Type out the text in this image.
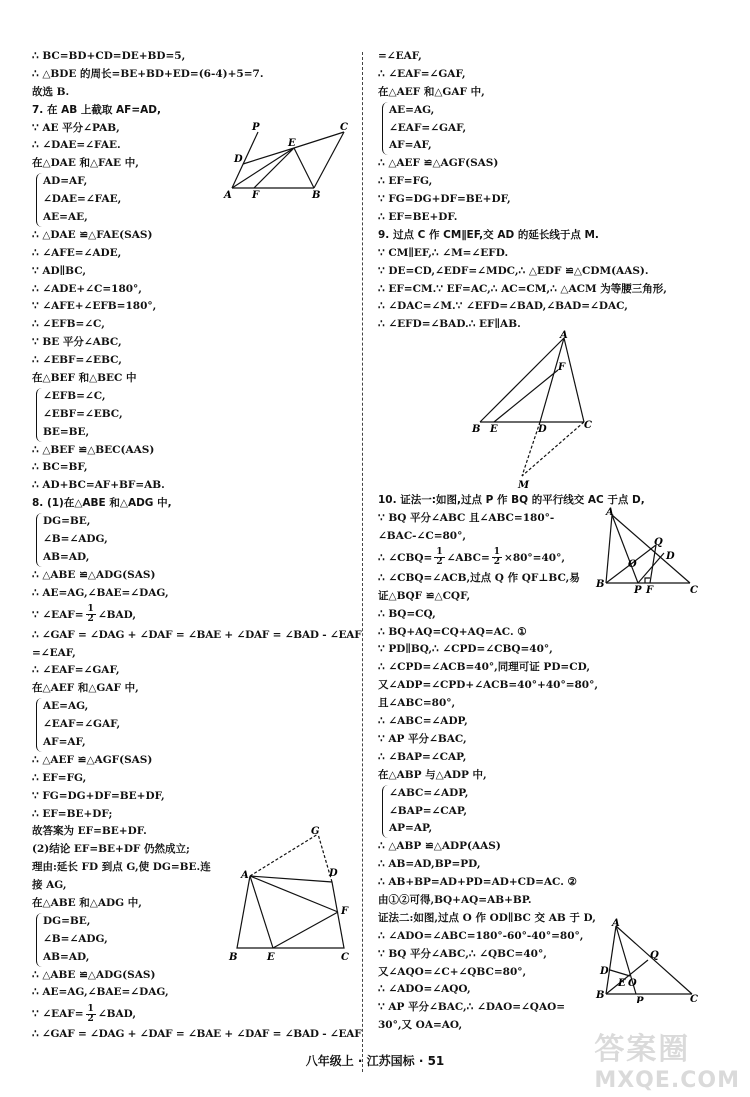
∴ BC=BD+CD=DE+BD=5,
∴ △BDE 的周长=BE+BD+ED=(6-4)+5=7.
故选 B.
7. 在 AB 上截取 AF=AD,
∵ AE 平分∠PAB,
∴ ∠DAE=∠FAE.
在△DAE 和△FAE 中,
AD=AF,
∠DAE=∠FAE,
AE=AE,
∴ △DAE ≌△FAE(SAS)
∴ ∠AFE=∠ADE,
∵ AD∥BC,
∴ ∠ADE+∠C=180°,
∵ ∠AFE+∠EFB=180°,
∴ ∠EFB=∠C,
∵ BE 平分∠ABC,
∴ ∠EBF=∠EBC,
在△BEF 和△BEC 中
∠EFB=∠C,
∠EBF=∠EBC,
BE=BE,
∴ △BEF ≌△BEC(AAS)
∴ BC=BF,
∴ AD+BC=AF+BF=AB.
8. (1)在△ABE 和△ADG 中,
DG=BE,
∠B=∠ADG,
AB=AD,
∴ △ABE ≌△ADG(SAS)
∴ AE=AG,∠BAE=∠DAG,
∵ ∠EAF= $\frac{1}{2}$ ∠BAD,
∴ ∠GAF = ∠DAG + ∠DAF = ∠BAE + ∠DAF = ∠BAD - ∠EAF
=∠EAF,
∴ ∠EAF=∠GAF,
在△AEF 和△GAF 中,
AE=AG,
∠EAF=∠GAF,
AF=AF,
∴ △AEF ≌△AGF(SAS)
∴ EF=FG,
∵ FG=DG+DF=BE+DF,
∴ EF=BE+DF;
故答案为 EF=BE+DF.
(2)结论 EF=BE+DF 仍然成立;
理由:延长 FD 到点 G,使 DG=BE.连
接 AG,
在△ABE 和△ADG 中,
DG=BE,
∠B=∠ADG,
AB=AD,
∴ △ABE ≌△ADG(SAS)
∴ AE=AG,∠BAE=∠DAG,
∵ ∠EAF= $\frac{1}{2}$ ∠BAD,
∴ ∠GAF = ∠DAG + ∠DAF = ∠BAE + ∠DAF = ∠BAD - ∠EAF
=∠EAF,
∴ ∠EAF=∠GAF,
在△AEF 和△GAF 中,
AE=AG,
∠EAF=∠GAF,
AF=AF,
∴ △AEF ≌△AGF(SAS)
∴ EF=FG,
∵ FG=DG+DF=BE+DF,
∴ EF=BE+DF.
9. 过点 C 作 CM∥EF,交 AD 的延长线于点 M.
∵ CM∥EF,∴ ∠M=∠EFD.
∵ DE=CD,∠EDF=∠MDC,∴ △EDF ≌△CDM(AAS).
∴ EF=CM.∵ EF=AC,∴ AC=CM,∴ △ACM 为等腰三角形,
∴ ∠DAC=∠M.∵ ∠EFD=∠BAD,∠BAD=∠DAC,
∴ ∠EFD=∠BAD.∴ EF∥AB.
10. 证法一:如图,过点 P 作 BQ 的平行线交 AC 于点 D,
∵ BQ 平分∠ABC 且∠ABC=180°-
∠BAC-∠C=80°,
∴ ∠CBQ= $\frac{1}{2}$ ∠ABC= $\frac{1}{2} \times 80^\circ=40^\circ$,
∴ ∠CBQ=∠ACB,过点 Q 作 QF⊥BC,易
证△BQF ≌△CQF,
∴ BQ=CQ,
∴ BQ+AQ=CQ+AQ=AC. ①
∵ PD∥BQ,∴ ∠CPD=∠CBQ=40°,
∴ ∠CPD=∠ACB=40°,同理可证 PD=CD,
又∠ADP=∠CPD+∠ACB=40°+40°=80°,
且∠ABC=80°,
∴ ∠ABC=∠ADP,
∵ AP 平分∠BAC,
∴ ∠BAP=∠CAP,
在△ABP 与△ADP 中,
∠ABC=∠ADP,
∠BAP=∠CAP,
AP=AP,
∴ △ABP ≌△ADP(AAS)
∴ AB=AD,BP=PD,
∴ AB+BP=AD+PD=AD+CD=AC. ②
由①②可得,BQ+AQ=AB+BP.
证法二:如图,过点 O 作 OD∥BC 交 AB 于 D,
∴ ∠ADO=∠ABC=180°-60°-40°=80°,
∵ BQ 平分∠ABC,∴ ∠QBC=40°,
又∠AQO=∠C+∠QBC=80°,
∴ ∠ADO=∠AQO,
∵ AP 平分∠BAC,∴ ∠DAO=∠QAO=
30°,又 OA=AO,
P
D
E
C
A F	B
G
A	D
F
B	E	C
A
F
B E	D	C
M
A
Q
D
O
B
P F	C
A
Q
D
E O
B
P	C
八年级上 · 江苏国标 · 51	答案圈
MXQE.COM
